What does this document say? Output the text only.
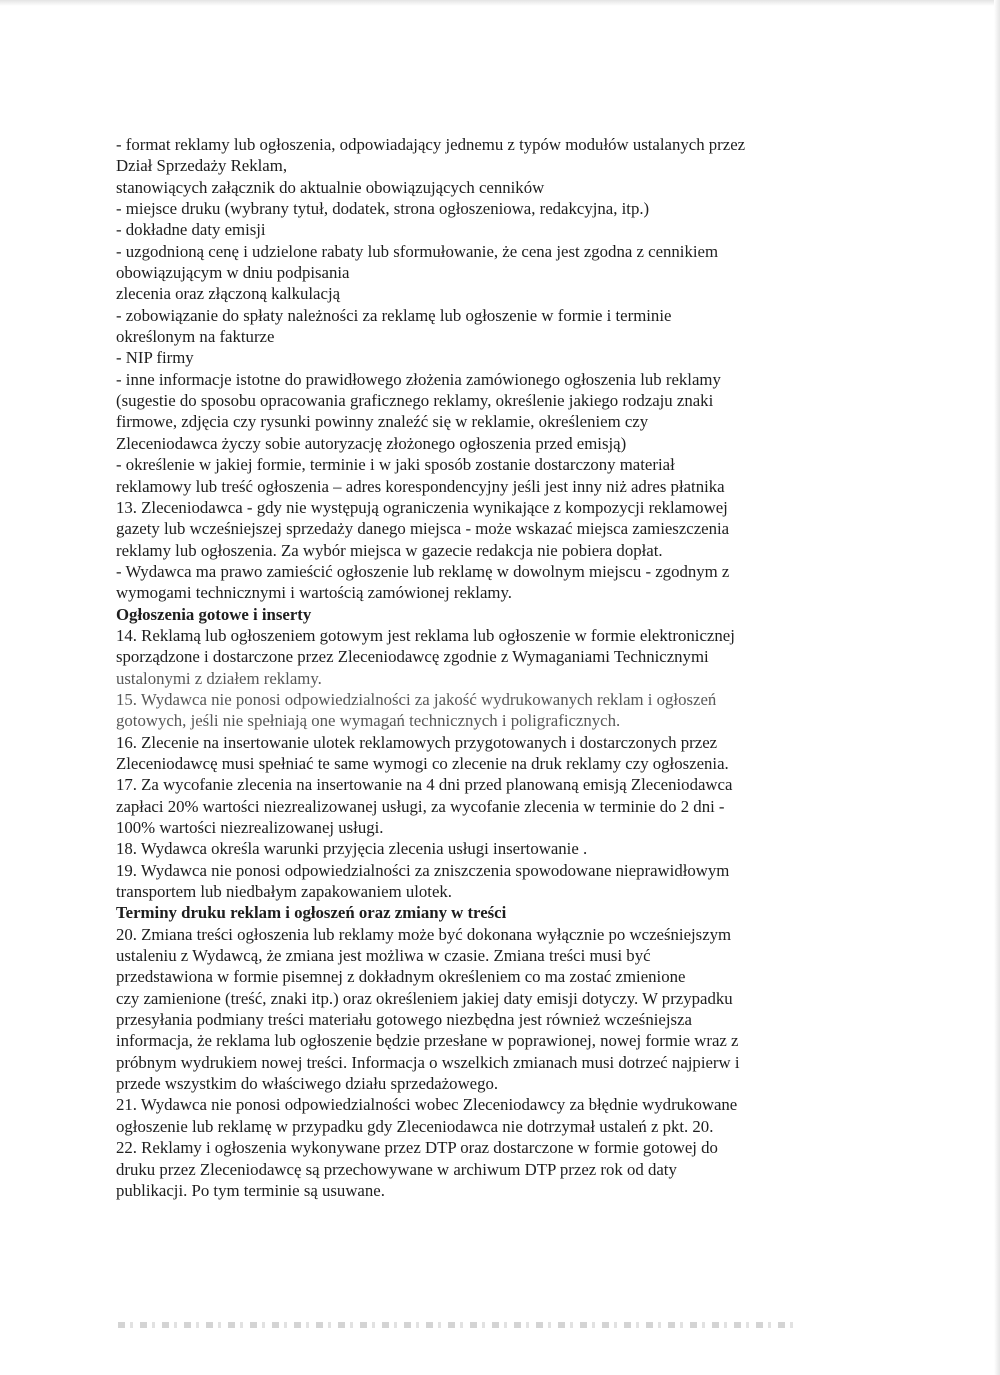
- format reklamy lub ogłoszenia, odpowiadający jednemu z typów modułów ustalanych przez
Dział Sprzedaży Reklam,
stanowiących załącznik do aktualnie obowiązujących cenników
- miejsce druku (wybrany tytuł, dodatek, strona ogłoszeniowa, redakcyjna, itp.)
- dokładne daty emisji
- uzgodnioną cenę i udzielone rabaty lub sformułowanie, że cena jest zgodna z cennikiem
obowiązującym w dniu podpisania
zlecenia oraz złączoną kalkulacją
- zobowiązanie do spłaty należności za reklamę lub ogłoszenie w formie i terminie
określonym na fakturze
- NIP firmy
- inne informacje istotne do prawidłowego złożenia zamówionego ogłoszenia lub reklamy
(sugestie do sposobu opracowania graficznego reklamy, określenie jakiego rodzaju znaki
firmowe, zdjęcia czy rysunki powinny znaleźć się w reklamie, określeniem czy
Zleceniodawca życzy sobie autoryzację złożonego ogłoszenia przed emisją)
- określenie w jakiej formie, terminie i w jaki sposób zostanie dostarczony materiał
reklamowy lub treść ogłoszenia – adres korespondencyjny jeśli jest inny niż adres płatnika
13. Zleceniodawca - gdy nie występują ograniczenia wynikające z kompozycji reklamowej
gazety lub wcześniejszej sprzedaży danego miejsca - może wskazać miejsca zamieszczenia
reklamy lub ogłoszenia. Za wybór miejsca w gazecie redakcja nie pobiera dopłat.
- Wydawca ma prawo zamieścić ogłoszenie lub reklamę w dowolnym miejscu - zgodnym z
wymogami technicznymi i wartością zamówionej reklamy.
Ogłoszenia gotowe i inserty
14. Reklamą lub ogłoszeniem gotowym jest reklama lub ogłoszenie w formie elektronicznej
sporządzone i dostarczone przez Zleceniodawcę zgodnie z Wymaganiami Technicznymi
ustalonymi z działem reklamy.
15. Wydawca nie ponosi odpowiedzialności za jakość wydrukowanych reklam i ogłoszeń
gotowych, jeśli nie spełniają one wymagań technicznych i poligraficznych.
16. Zlecenie na insertowanie ulotek reklamowych przygotowanych i dostarczonych przez
Zleceniodawcę musi spełniać te same wymogi co zlecenie na druk reklamy czy ogłoszenia.
17. Za wycofanie zlecenia na insertowanie na 4 dni przed planowaną emisją Zleceniodawca
zapłaci 20% wartości niezrealizowanej usługi, za wycofanie zlecenia w terminie do 2 dni -
100% wartości niezrealizowanej usługi.
18. Wydawca określa warunki przyjęcia zlecenia usługi insertowanie .
19. Wydawca nie ponosi odpowiedzialności za zniszczenia spowodowane nieprawidłowym
transportem lub niedbałym zapakowaniem ulotek.
Terminy druku reklam i ogłoszeń oraz zmiany w treści
20. Zmiana treści ogłoszenia lub reklamy może być dokonana wyłącznie po wcześniejszym
ustaleniu z Wydawcą, że zmiana jest możliwa w czasie. Zmiana treści musi być
przedstawiona w formie pisemnej z dokładnym określeniem co ma zostać zmienione
czy zamienione (treść, znaki itp.) oraz określeniem jakiej daty emisji dotyczy. W przypadku
przesyłania podmiany treści materiału gotowego niezbędna jest również wcześniejsza
informacja, że reklama lub ogłoszenie będzie przesłane w poprawionej, nowej formie wraz z
próbnym wydrukiem nowej treści. Informacja o wszelkich zmianach musi dotrzeć najpierw i
przede wszystkim do właściwego działu sprzedażowego.
21. Wydawca nie ponosi odpowiedzialności wobec Zleceniodawcy za błędnie wydrukowane
ogłoszenie lub reklamę w przypadku gdy Zleceniodawca nie dotrzymał ustaleń z pkt. 20.
22. Reklamy i ogłoszenia wykonywane przez DTP oraz dostarczone w formie gotowej do
druku przez Zleceniodawcę są przechowywane w archiwum DTP przez rok od daty
publikacji. Po tym terminie są usuwane.
